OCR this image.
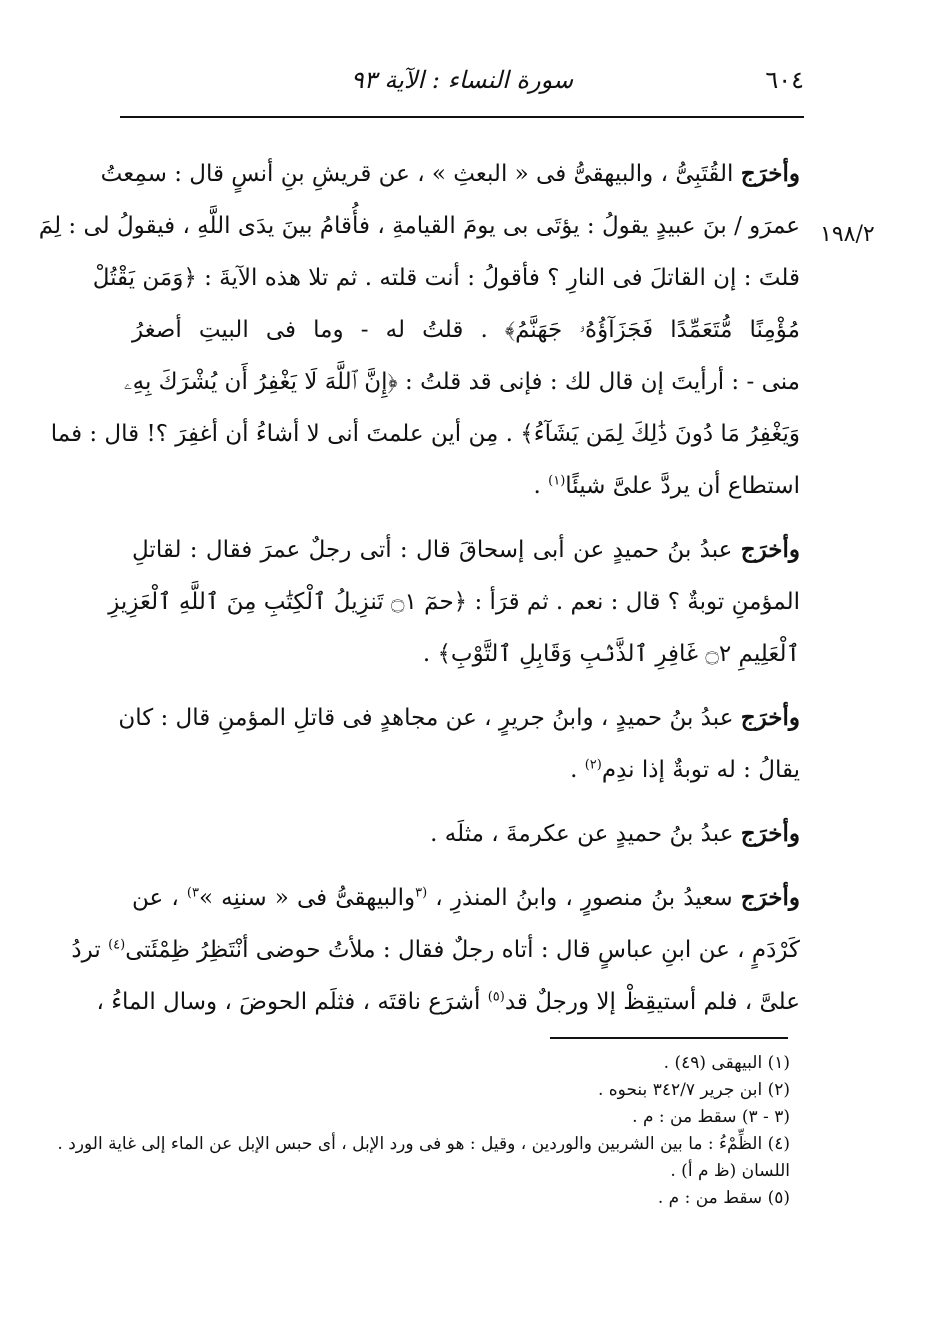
٦٠٤
سورة النساء : الآية ٩٣
١٩٨/٢
وأخرَج القُتَبِىُّ ، والبيهقىُّ فى « البعثِ » ، عن قريشِ بنِ أنسٍ قال : سمِعتُ
عمرَو / بنَ عبيدٍ يقولُ : يؤتَى بى يومَ القيامةِ ، فأُقامُ بينَ يدَى اللَّهِ ، فيقولُ لى : لِمَ
قلتَ : إن القاتلَ فى النارِ ؟ فأقولُ : أنت قلته . ثم تلا هذه الآيةَ : ﴿وَمَن يَقْتُلْ
مُؤْمِنًا مُّتَعَمِّدًا فَجَزَآؤُهُۥ جَهَنَّمُ﴾ . قلتُ له - وما فى البيتِ أصغرُ
منى - : أرأيتَ إن قال لك : فإنى قد قلتُ : ﴿إِنَّ ٱللَّهَ لَا يَغْفِرُ أَن يُشْرَكَ بِهِۦ
وَيَغْفِرُ مَا دُونَ ذَٰلِكَ لِمَن يَشَآءُ﴾ . مِن أين علمتَ أنى لا أشاءُ أن أغفِرَ ؟! قال : فما
استطاع أن يردَّ علىَّ شيئًا$^{(١)}$ .
وأخرَج عبدُ بنُ حميدٍ عن أبى إسحاقَ قال : أتى رجلٌ عمرَ فقال : لقاتلِ
المؤمنِ توبةٌ ؟ قال : نعم . ثم قرَأ : ﴿حمٓ ۝١ تَنزِيلُ ٱلْكِتَٰبِ مِنَ ٱللَّهِ ٱلْعَزِيزِ
ٱلْعَلِيمِ ۝٢ غَافِرِ ٱلذَّنۢبِ وَقَابِلِ ٱلتَّوْبِ﴾ .
وأخرَج عبدُ بنُ حميدٍ ، وابنُ جريرٍ ، عن مجاهدٍ فى قاتلِ المؤمنِ قال : كان
يقالُ : له توبةٌ إذا ندِم$^{(٢)}$ .
وأخرَج عبدُ بنُ حميدٍ عن عكرمةَ ، مثلَه .
وأخرَج سعيدُ بنُ منصورٍ ، وابنُ المنذرِ ، $^{(٣}$والبيهقىُّ فى « سننِه »$^{٣)}$ ، عن
كَرْدَمٍ ، عن ابنِ عباسٍ قال : أتاه رجلٌ فقال : ملأتُ حوضى أنْتَظِرُ ظِمْئَتى$^{(٤)}$ تردُ
علىَّ ، فلم أستيقِظْ إلا ورجلٌ قد$^{(٥)}$ أشرَع ناقتَه ، فثلَم الحوضَ ، وسال الماءُ ،
(١) البيهقى (٤٩) .
(٢) ابن جرير ٣٤٢/٧ بنحوه .
(٣ - ٣) سقط من : م .
(٤) الظِّمْءُ : ما بين الشربين والوردين ، وقيل : هو فى ورد الإبل ، أى حبس الإبل عن الماء إلى غاية الورد .
اللسان (ظ م أ) .
(٥) سقط من : م .
